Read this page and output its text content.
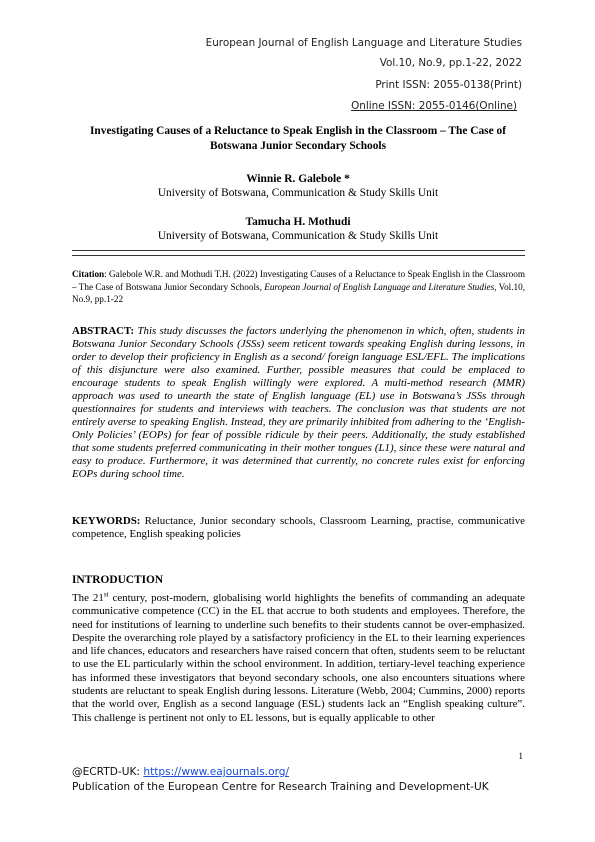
European Journal of English Language and Literature Studies
Vol.10, No.9, pp.1-22, 2022
Print ISSN: 2055-0138(Print)
Online ISSN: 2055-0146(Online)
Investigating Causes of a Reluctance to Speak English in the Classroom – The Case of
Botswana Junior Secondary Schools
Winnie R. Galebole *
University of Botswana, Communication & Study Skills Unit
Tamucha H. Mothudi
University of Botswana, Communication & Study Skills Unit
Citation: Galebole W.R. and Mothudi T.H. (2022) Investigating Causes of a Reluctance to Speak English in the Classroom – The Case of Botswana Junior Secondary Schools, European Journal of English Language and Literature Studies, Vol.10, No.9, pp.1-22
ABSTRACT: This study discusses the factors underlying the phenomenon in which, often, students in Botswana Junior Secondary Schools (JSSs) seem reticent towards speaking English during lessons, in order to develop their proficiency in English as a second/ foreign language ESL/EFL. The implications of this disjuncture were also examined. Further, possible measures that could be emplaced to encourage students to speak English willingly were explored. A multi-method research (MMR) approach was used to unearth the state of English language (EL) use in Botswana’s JSSs through questionnaires for students and interviews with teachers. The conclusion was that students are not entirely averse to speaking English. Instead, they are primarily inhibited from adhering to the ‘English-Only Policies’ (EOPs) for fear of possible ridicule by their peers. Additionally, the study established that some students preferred communicating in their mother tongues (L1), since these were natural and easy to produce. Furthermore, it was determined that currently, no concrete rules exist for enforcing EOPs during school time.
KEYWORDS: Reluctance, Junior secondary schools, Classroom Learning, practise, communicative competence, English speaking policies
INTRODUCTION
The 21st century, post-modern, globalising world highlights the benefits of commanding an adequate communicative competence (CC) in the EL that accrue to both students and employees. Therefore, the need for institutions of learning to underline such benefits to their students cannot be over-emphasized. Despite the overarching role played by a satisfactory proficiency in the EL to their learning experiences and life chances, educators and researchers have raised concern that often, students seem to be reluctant to use the EL particularly within the school environment. In addition, tertiary-level teaching experience has informed these investigators that beyond secondary schools, one also encounters situations where students are reluctant to speak English during lessons. Literature (Webb, 2004; Cummins, 2000) reports that the world over, English as a second language (ESL) students lack an “English speaking culture”. This challenge is pertinent not only to EL lessons, but is equally applicable to other
1
@ECRTD-UK: https://www.eajournals.org/
Publication of the European Centre for Research Training and Development-UK
